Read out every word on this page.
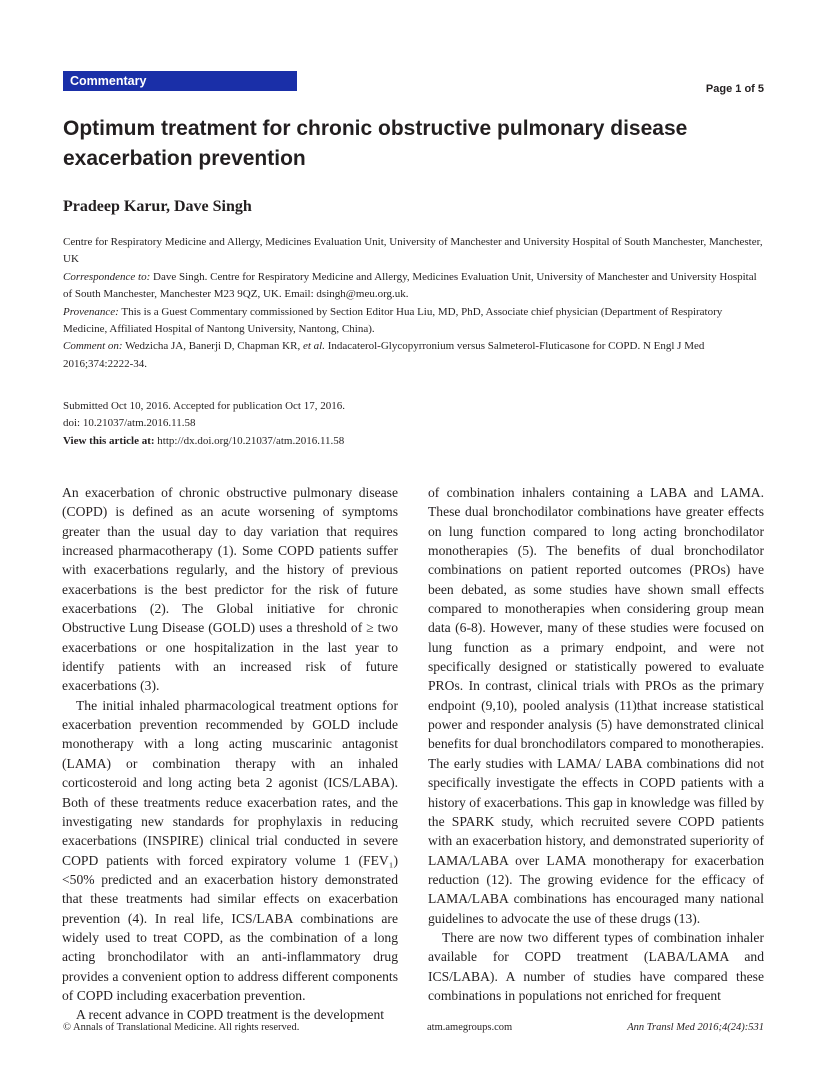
Commentary
Page 1 of 5
Optimum treatment for chronic obstructive pulmonary disease exacerbation prevention
Pradeep Karur, Dave Singh

Centre for Respiratory Medicine and Allergy, Medicines Evaluation Unit, University of Manchester and University Hospital of South Manchester, Manchester, UK

Correspondence to: Dave Singh. Centre for Respiratory Medicine and Allergy, Medicines Evaluation Unit, University of Manchester and University Hospital of South Manchester, Manchester M23 9QZ, UK. Email: dsingh@meu.org.uk.

Provenance: This is a Guest Commentary commissioned by Section Editor Hua Liu, MD, PhD, Associate chief physician (Department of Respiratory Medicine, Affiliated Hospital of Nantong University, Nantong, China).

Comment on: Wedzicha JA, Banerji D, Chapman KR, et al. Indacaterol-Glycopyrronium versus Salmeterol-Fluticasone for COPD. N Engl J Med 2016;374:2222-34.

Submitted Oct 10, 2016. Accepted for publication Oct 17, 2016.
doi: 10.21037/atm.2016.11.58
View this article at: http://dx.doi.org/10.21037/atm.2016.11.58

An exacerbation of chronic obstructive pulmonary disease (COPD) is defined as an acute worsening of symptoms greater than the usual day to day variation that requires increased pharmacotherapy (1). Some COPD patients suffer with exacerbations regularly, and the history of previous exacerbations is the best predictor for the risk of future exacerbations (2). The Global initiative for chronic Obstructive Lung Disease (GOLD) uses a threshold of ≥ two exacerbations or one hospitalization in the last year to identify patients with an increased risk of future exacerbations (3).

The initial inhaled pharmacological treatment options for exacerbation prevention recommended by GOLD include monotherapy with a long acting muscarinic antagonist (LAMA) or combination therapy with an inhaled corticosteroid and long acting beta 2 agonist (ICS/LABA). Both of these treatments reduce exacerbation rates, and the investigating new standards for prophylaxis in reducing exacerbations (INSPIRE) clinical trial conducted in severe COPD patients with forced expiratory volume 1 (FEV₁) <50% predicted and an exacerbation history demonstrated that these treatments had similar effects on exacerbation prevention (4). In real life, ICS/LABA combinations are widely used to treat COPD, as the combination of a long acting bronchodilator with an anti-inflammatory drug provides a convenient option to address different components of COPD including exacerbation prevention.

A recent advance in COPD treatment is the development

of combination inhalers containing a LABA and LAMA. These dual bronchodilator combinations have greater effects on lung function compared to long acting bronchodilator monotherapies (5). The benefits of dual bronchodilator combinations on patient reported outcomes (PROs) have been debated, as some studies have shown small effects compared to monotherapies when considering group mean data (6-8). However, many of these studies were focused on lung function as a primary endpoint, and were not specifically designed or statistically powered to evaluate PROs. In contrast, clinical trials with PROs as the primary endpoint (9,10), pooled analysis (11)that increase statistical power and responder analysis (5) have demonstrated clinical benefits for dual bronchodilators compared to monotherapies. The early studies with LAMA/ LABA combinations did not specifically investigate the effects in COPD patients with a history of exacerbations. This gap in knowledge was filled by the SPARK study, which recruited severe COPD patients with an exacerbation history, and demonstrated superiority of LAMA/LABA over LAMA monotherapy for exacerbation reduction (12). The growing evidence for the efficacy of LAMA/LABA combinations has encouraged many national guidelines to advocate the use of these drugs (13).

There are now two different types of combination inhaler available for COPD treatment (LABA/LAMA and ICS/LABA). A number of studies have compared these combinations in populations not enriched for frequent

© Annals of Translational Medicine. All rights reserved.	atm.amegroups.com	Ann Transl Med 2016;4(24):531
